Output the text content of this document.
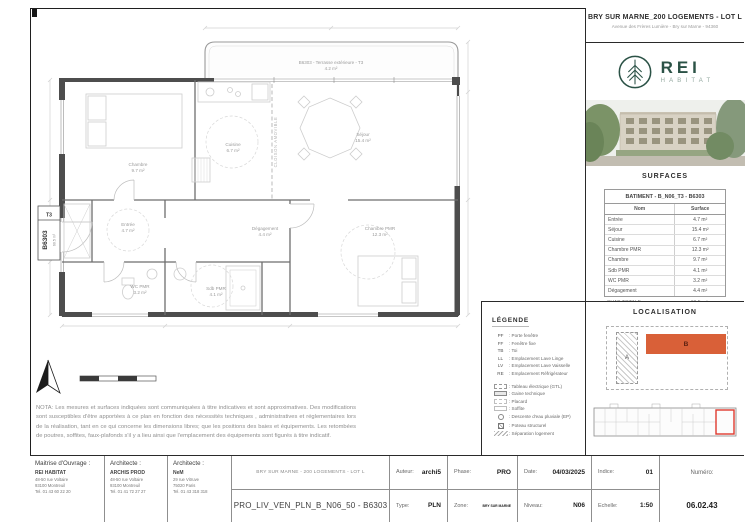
B6303 - Terrasse extérieure - T3
4.2 m²
CLOISON AMOVIBLE
Chambre
9.7 m²
Cuisine
6.7 m²
Séjour
15.4 m²
Entrée
4.7 m²	Dégagement
4.4 m²
Chambre PMR
12.3 m²
WC PMR
3.2 m²
Sdb PMR
4.1 m²
T3
B6303 60.5 m²
NOTA: Les mesures et surfaces indiquées sont communiquées à titre indicatives et sont approximatives. Des modifications sont susceptibles d'être apportées à ce plan en fonction des nécessités techniques , administratives et réglementaires lors de la réalisation, tant en ce qui concerne les dimensions libres; que les positions des baies et équipements. Les retombées de poutres, soffites, faux-plafonds s'il y a lieu ainsi que l'emplacement des équipements sont figurés à titre indicatif.
BRY SUR MARNE_200 LOGEMENTS - LOT L
Avenue des Frères Lumière - Bry sur Marne - 94360
REI
HABITAT
SURFACES
BATIMENT - B_N06_T3 - B6303
Nom	Surface
Entrée	4.7 m²
Séjour	15.4 m²
Cuisine	6.7 m²
Chambre PMR	12.3 m²
Chambre	9.7 m²
Sdb PMR	4.1 m²
WC PMR	3.2 m²
Dégagement	4.4 m²
LÉGENDE
PF	: Porte fenêtre
FF	: Fenêtre fixe
TB	: Toi
LL	: Emplacement Lave Linge
LV	: Emplacement Lave Vaisselle
RE	: Emplacement Réfrigérateur
: Tableau électrique (GTL)
: Gaine technique
: Placard
: Soffite
: Descente d'eau pluviale (EP)
: Poteau structurel
: Séparation logement
LOCALISATION
A
B
Maitrise d'Ouvrage :
REI HABITAT
48-50 rue Voltaire
93100 Montreuil
Tel. 01 43 60 22 20
Architecte :
ARCHIS PROD
48-50 rue Voltaire
93100 Montreuil
Tel. 01 41 72 27 27
Architecte :
NeM
29 rue Vitruve
75020 Paris
Tel. 01 43 318 318
BRY SUR MARNE - 200 LOGEMENTS - LOT L
PRO_LIV_VEN_PLN_B_N06_50 - B6303
Auteur: archi5
Type:	PLN
Phase:	PRO
Zone:	BRY SUR MARNE
Date: 04/03/2025
Niveau:	N06
Indice:	01
Echelle:	1:50
Numéro:
06.02.43
